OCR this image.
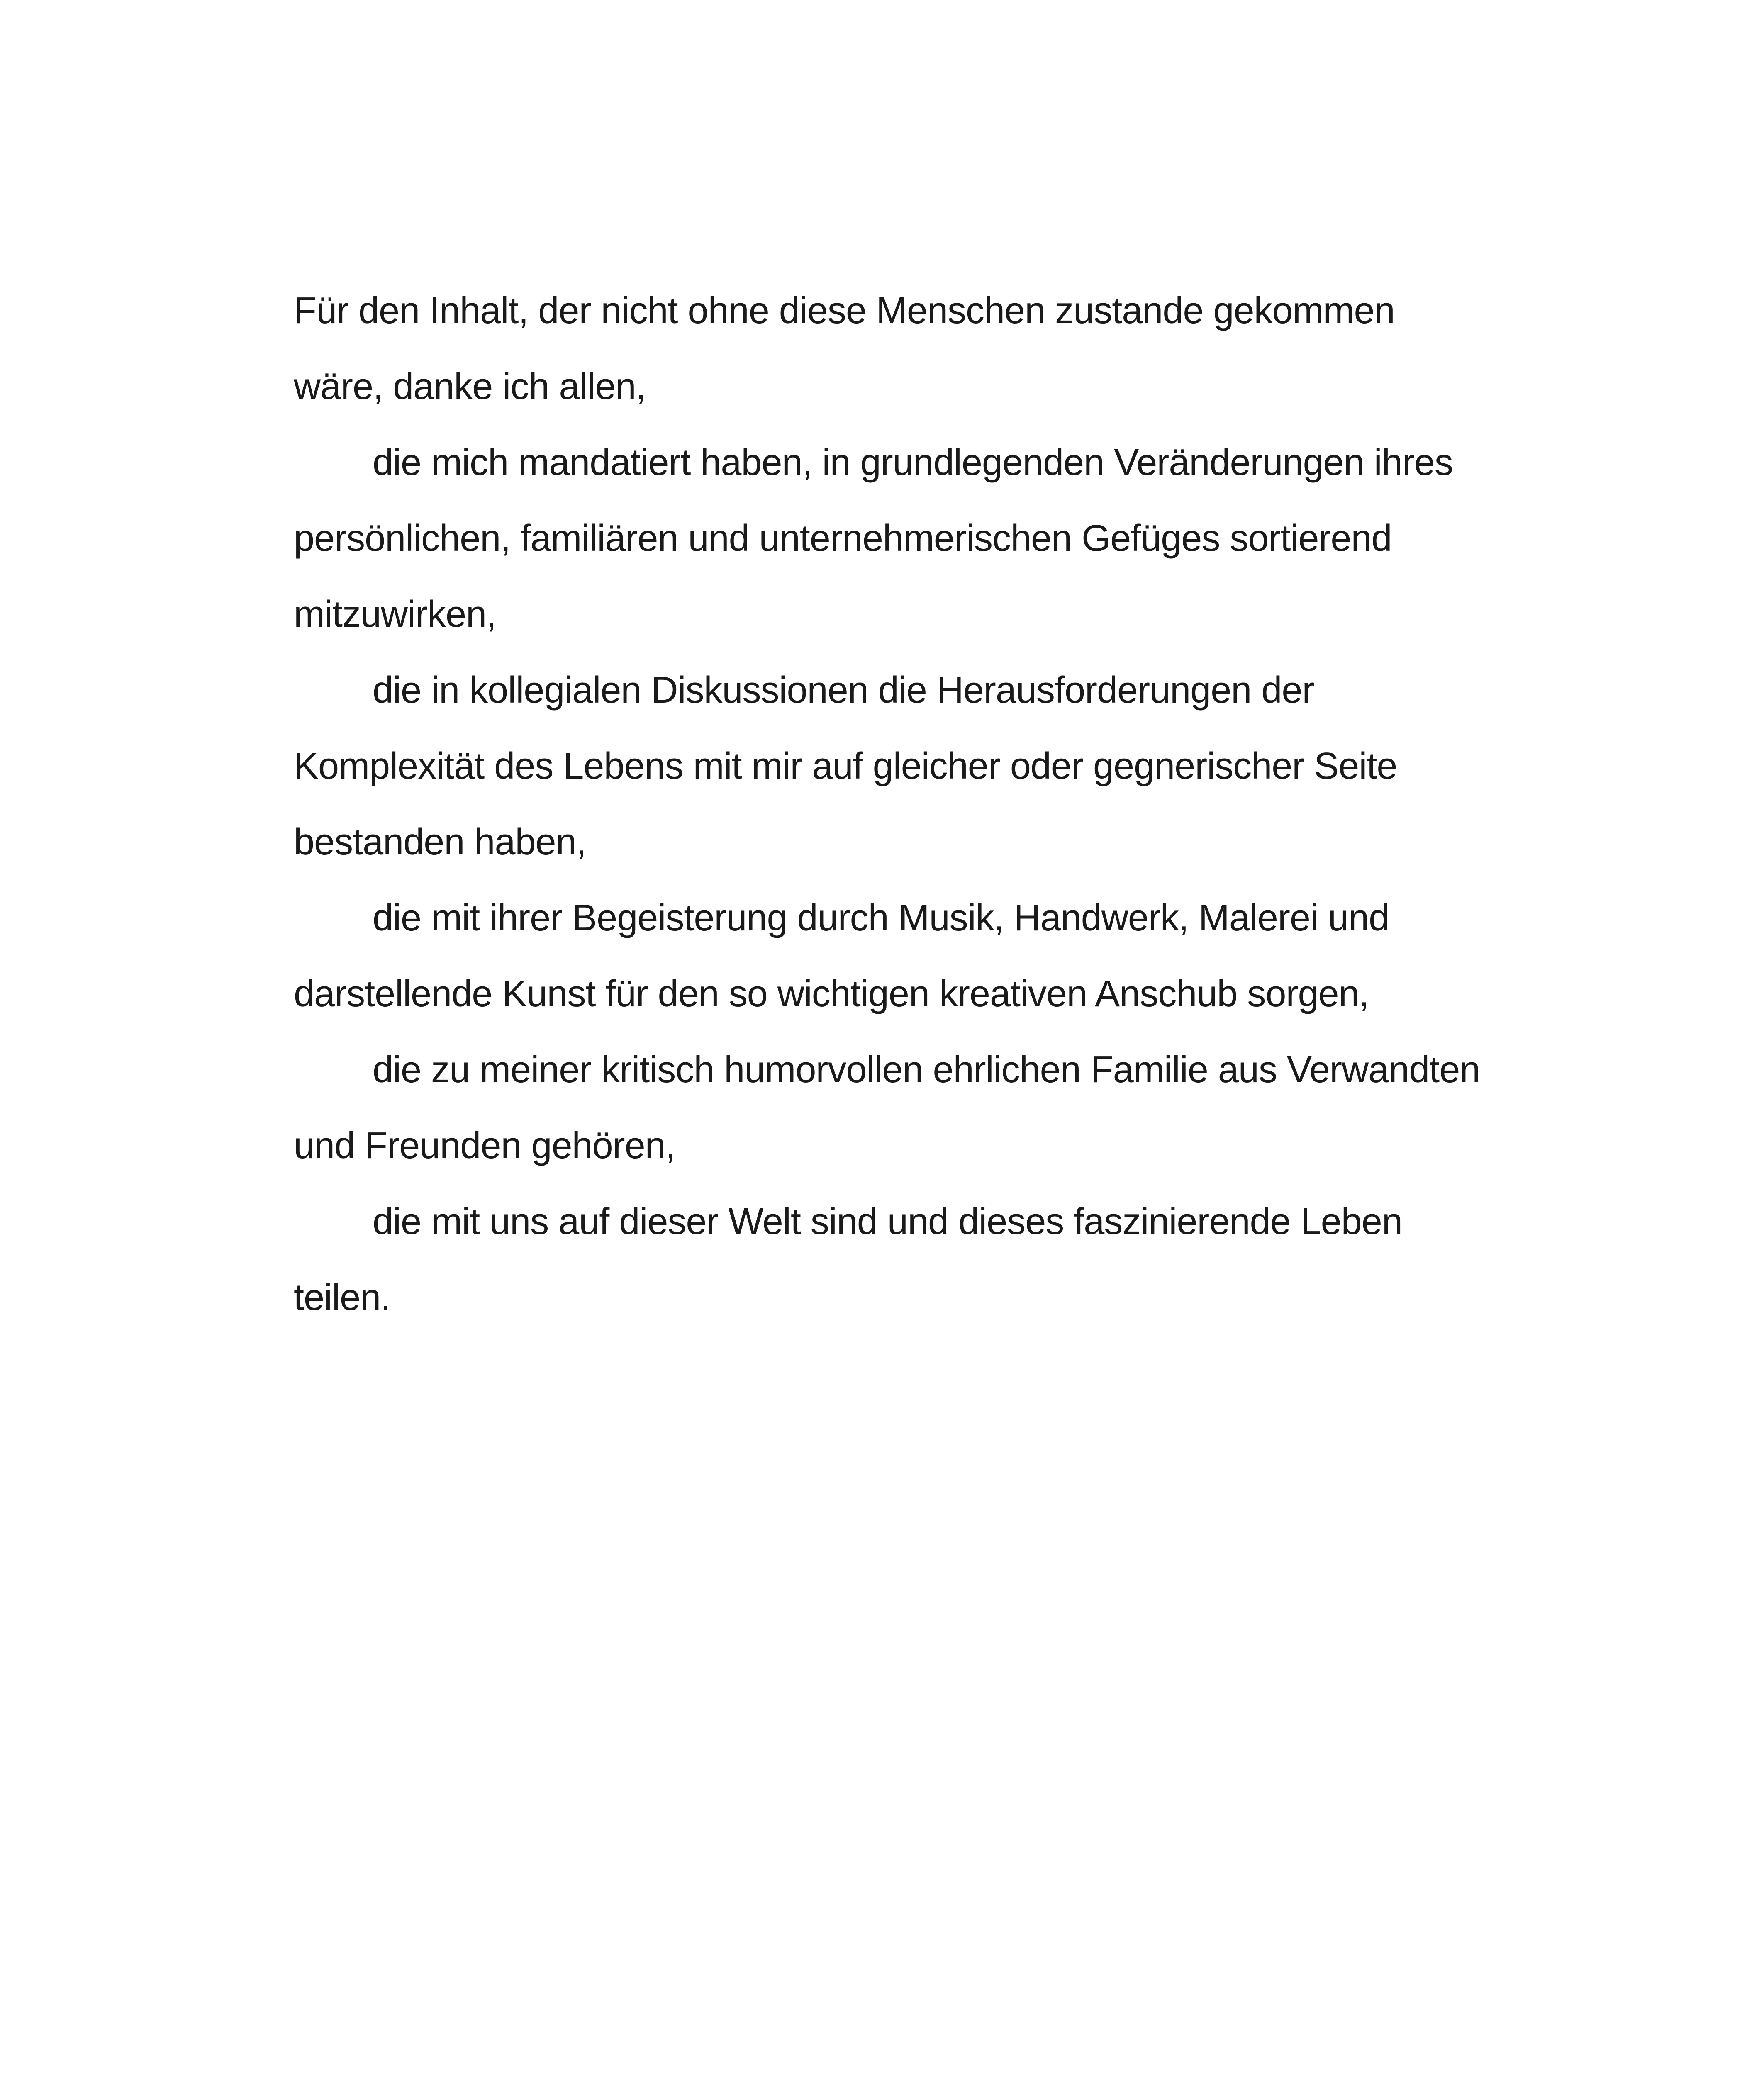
Für den Inhalt, der nicht ohne diese Menschen zustande gekommen wäre, danke ich allen,

die mich mandatiert haben, in grundlegenden Veränderungen ihres persönlichen, familiären und unternehmerischen Gefüges sortierend mitzuwirken,

die in kollegialen Diskussionen die Herausforderungen der Komplexität des Lebens mit mir auf gleicher oder gegnerischer Seite bestanden haben,

die mit ihrer Begeisterung durch Musik, Handwerk, Malerei und darstellende Kunst für den so wichtigen kreativen Anschub sorgen,

die zu meiner kritisch humorvollen ehrlichen Familie aus Verwandten und Freunden gehören,

die mit uns auf dieser Welt sind und dieses faszinierende Leben teilen.
